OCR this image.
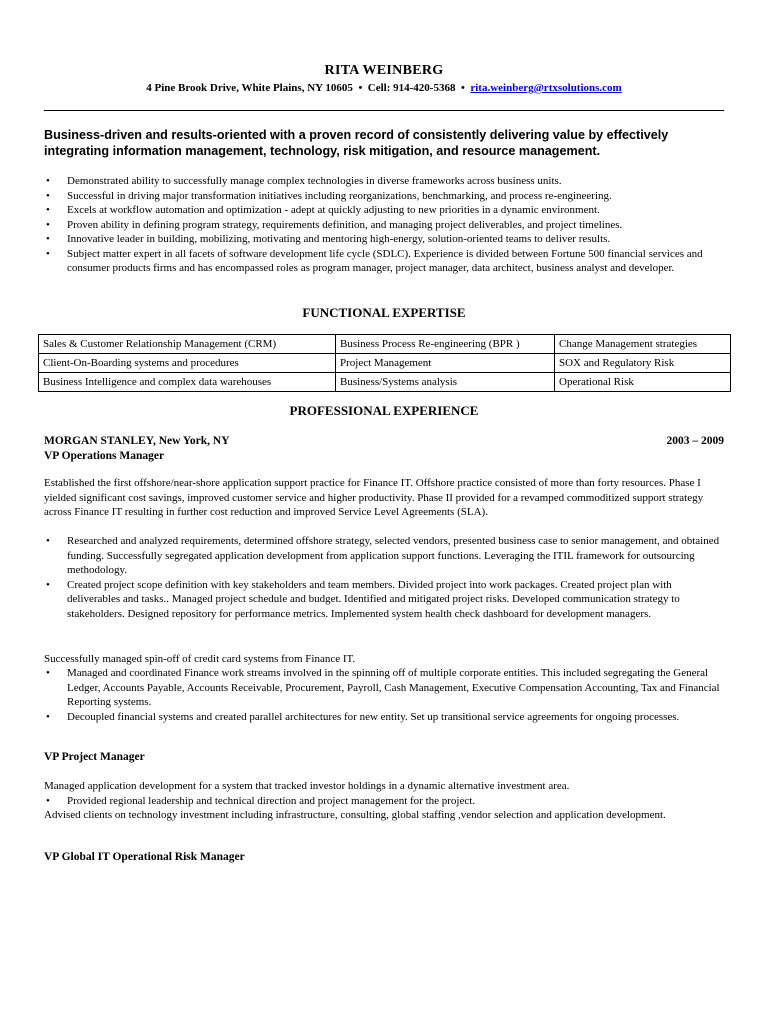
RITA WEINBERG
4 Pine Brook Drive, White Plains, NY 10605 • Cell: 914-420-5368 • rita.weinberg@rtxsolutions.com
Business-driven and results-oriented with a proven record of consistently delivering value by effectively integrating information management, technology, risk mitigation, and resource management.
• Demonstrated ability to successfully manage complex technologies in diverse frameworks across business units.
• Successful in driving major transformation initiatives including reorganizations, benchmarking, and process re-engineering.
• Excels at workflow automation and optimization - adept at quickly adjusting to new priorities in a dynamic environment.
• Proven ability in defining program strategy, requirements definition, and managing project deliverables, and project timelines.
• Innovative leader in building, mobilizing, motivating and mentoring high-energy, solution-oriented teams to deliver results.
• Subject matter expert in all facets of software development life cycle (SDLC). Experience is divided between Fortune 500 financial services and consumer products firms and has encompassed roles as program manager, project manager, data architect, business analyst and developer.
FUNCTIONAL EXPERTISE
Sales & Customer Relationship Management (CRM)	Business Process Re-engineering (BPR )	Change Management strategies
Client-On-Boarding systems and procedures	Project Management	SOX and Regulatory Risk
Business Intelligence and complex data warehouses	Business/Systems analysis	Operational Risk
PROFESSIONAL EXPERIENCE
MORGAN STANLEY, New York, NY	2003 – 2009
VP Operations Manager
Established the first offshore/near-shore application support practice for Finance IT. Offshore practice consisted of more than forty resources. Phase I yielded significant cost savings, improved customer service and higher productivity. Phase II provided for a revamped commoditized support strategy across Finance IT resulting in further cost reduction and improved Service Level Agreements (SLA).
• Researched and analyzed requirements, determined offshore strategy, selected vendors, presented business case to senior management, and obtained funding. Successfully segregated application development from application support functions. Leveraging the ITIL framework for outsourcing methodology.
• Created project scope definition with key stakeholders and team members. Divided project into work packages. Created project plan with deliverables and tasks.. Managed project schedule and budget. Identified and mitigated project risks. Developed communication strategy to stakeholders. Designed repository for performance metrics. Implemented system health check dashboard for development managers.
Successfully managed spin-off of credit card systems from Finance IT.
• Managed and coordinated Finance work streams involved in the spinning off of multiple corporate entities. This included segregating the General Ledger, Accounts Payable, Accounts Receivable, Procurement, Payroll, Cash Management, Executive Compensation Accounting, Tax and Financial Reporting systems.
• Decoupled financial systems and created parallel architectures for new entity. Set up transitional service agreements for ongoing processes.
VP Project Manager
Managed application development for a system that tracked investor holdings in a dynamic alternative investment area.
• Provided regional leadership and technical direction and project management for the project.
Advised clients on technology investment including infrastructure, consulting, global staffing ,vendor selection and application development.
VP Global IT Operational Risk Manager
